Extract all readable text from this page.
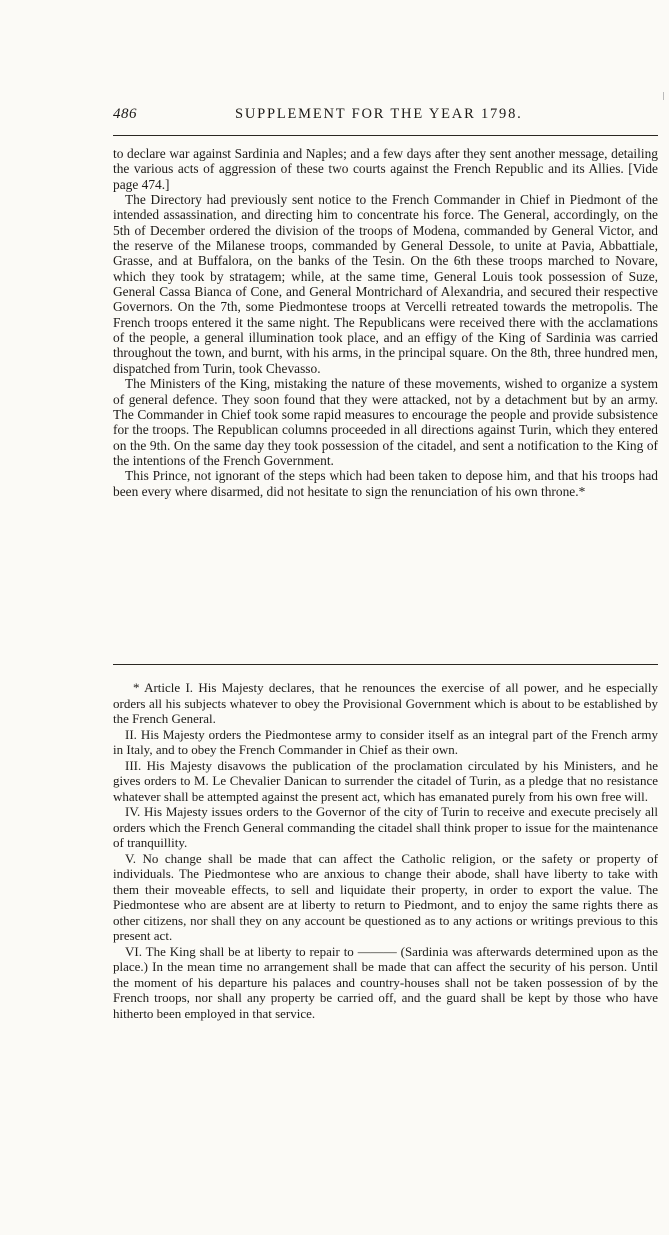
486	SUPPLEMENT FOR THE YEAR 1798.

to declare war against Sardinia and Naples; and a few days after they sent another message, detailing the various acts of aggression of these two courts against the French Republic and its Allies. [Vide page 474.]

The Directory had previously sent notice to the French Commander in Chief in Piedmont of the intended assassination, and directing him to concentrate his force. The General, accordingly, on the 5th of December ordered the division of the troops of Modena, commanded by General Victor, and the reserve of the Milanese troops, commanded by General Dessole, to unite at Pavia, Abbattiale, Grasse, and at Buffalora, on the banks of the Tesin. On the 6th these troops marched to Novare, which they took by stratagem; while, at the same time, General Louis took possession of Suze, General Cassa Bianca of Cone, and General Montrichard of Alexandria, and secured their respective Governors. On the 7th, some Piedmontese troops at Vercelli retreated towards the metropolis. The French troops entered it the same night. The Republicans were received there with the acclamations of the people, a general illumination took place, and an effigy of the King of Sardinia was carried throughout the town, and burnt, with his arms, in the principal square. On the 8th, three hundred men, dispatched from Turin, took Chevasso.

The Ministers of the King, mistaking the nature of these movements, wished to organize a system of general defence. They soon found that they were attacked, not by a detachment but by an army. The Commander in Chief took some rapid measures to encourage the people and provide subsistence for the troops. The Republican columns proceeded in all directions against Turin, which they entered on the 9th. On the same day they took possession of the citadel, and sent a notification to the King of the intentions of the French Government.

This Prince, not ignorant of the steps which had been taken to depose him, and that his troops had been every where disarmed, did not hesitate to sign the renunciation of his own throne.*

* Article I. His Majesty declares, that he renounces the exercise of all power, and he especially orders all his subjects whatever to obey the Provisional Government which is about to be established by the French General.

II. His Majesty orders the Piedmontese army to consider itself as an integral part of the French army in Italy, and to obey the French Commander in Chief as their own.

III. His Majesty disavows the publication of the proclamation circulated by his Ministers, and he gives orders to M. Le Chevalier Danican to surrender the citadel of Turin, as a pledge that no resistance whatever shall be attempted against the present act, which has emanated purely from his own free will.

IV. His Majesty issues orders to the Governor of the city of Turin to receive and execute precisely all orders which the French General commanding the citadel shall think proper to issue for the maintenance of tranquillity.

V. No change shall be made that can affect the Catholic religion, or the safety or property of individuals. The Piedmontese who are anxious to change their abode, shall have liberty to take with them their moveable effects, to sell and liquidate their property, in order to export the value. The Piedmontese who are absent are at liberty to return to Piedmont, and to enjoy the same rights there as other citizens, nor shall they on any account be questioned as to any actions or writings previous to this present act.

VI. The King shall be at liberty to repair to ——— (Sardinia was afterwards determined upon as the place.) In the mean time no arrangement shall be made that can affect the security of his person. Until the moment of his departure his palaces and country-houses shall not be taken possession of by the French troops, nor shall any property be carried off, and the guard shall be kept by those who have hitherto been employed in that service.
